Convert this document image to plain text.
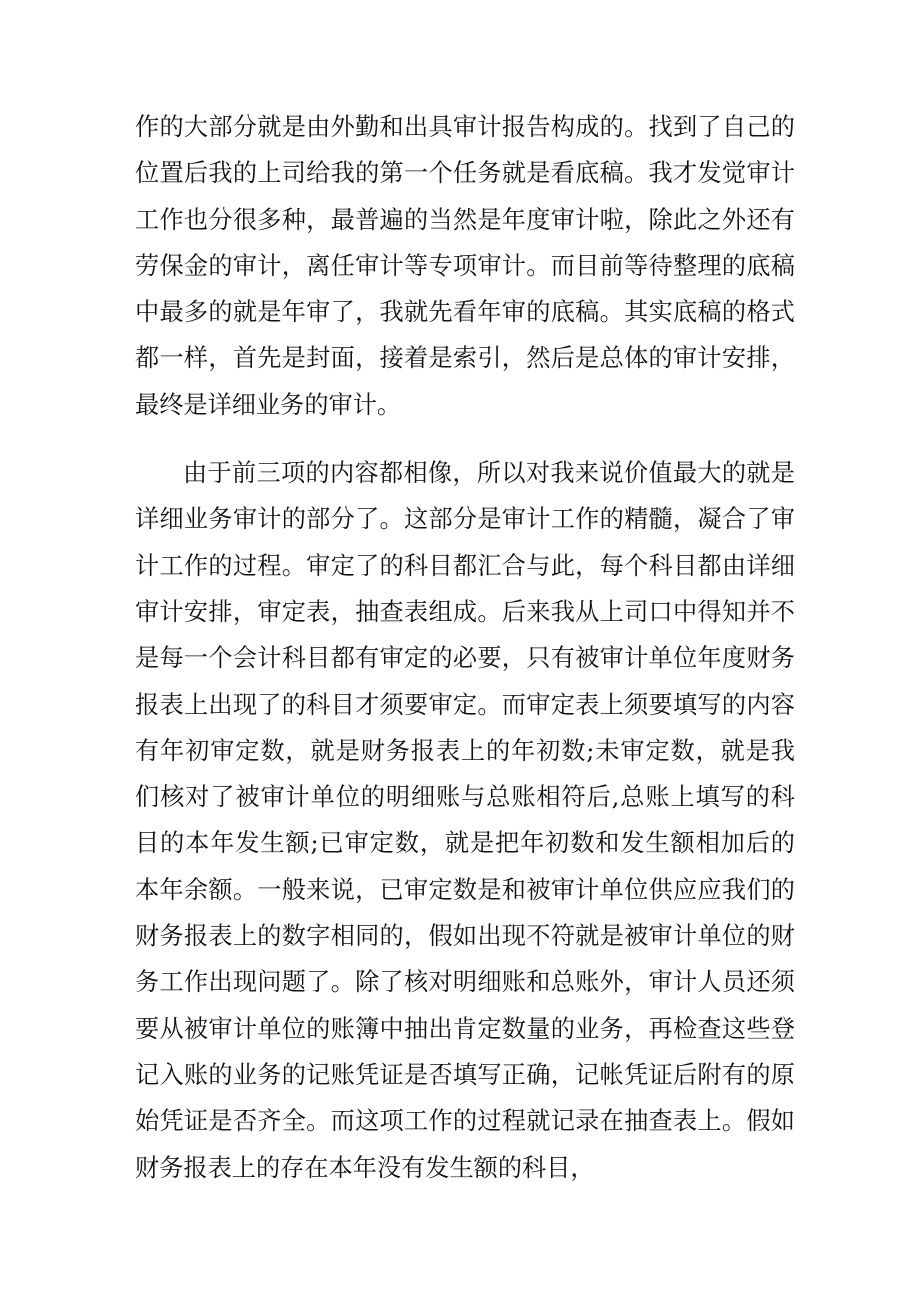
作的大部分就是由外勤和出具审计报告构成的。找到了自己的位置后我的上司给我的第一个任务就是看底稿。我才发觉审计工作也分很多种，最普遍的当然是年度审计啦，除此之外还有劳保金的审计，离任审计等专项审计。而目前等待整理的底稿中最多的就是年审了，我就先看年审的底稿。其实底稿的格式都一样，首先是封面，接着是索引，然后是总体的审计安排，最终是详细业务的审计。

由于前三项的内容都相像，所以对我来说价值最大的就是详细业务审计的部分了。这部分是审计工作的精髓，凝合了审计工作的过程。审定了的科目都汇合与此，每个科目都由详细审计安排，审定表，抽查表组成。后来我从上司口中得知并不是每一个会计科目都有审定的必要，只有被审计单位年度财务报表上出现了的科目才须要审定。而审定表上须要填写的内容有年初审定数，就是财务报表上的年初数;未审定数，就是我们核对了被审计单位的明细账与总账相符后,总账上填写的科目的本年发生额;已审定数，就是把年初数和发生额相加后的本年余额。一般来说，已审定数是和被审计单位供应应我们的财务报表上的数字相同的，假如出现不符就是被审计单位的财务工作出现问题了。除了核对明细账和总账外，审计人员还须要从被审计单位的账簿中抽出肯定数量的业务，再检查这些登记入账的业务的记账凭证是否填写正确，记帐凭证后附有的原始凭证是否齐全。而这项工作的过程就记录在抽查表上。假如财务报表上的存在本年没有发生额的科目，
